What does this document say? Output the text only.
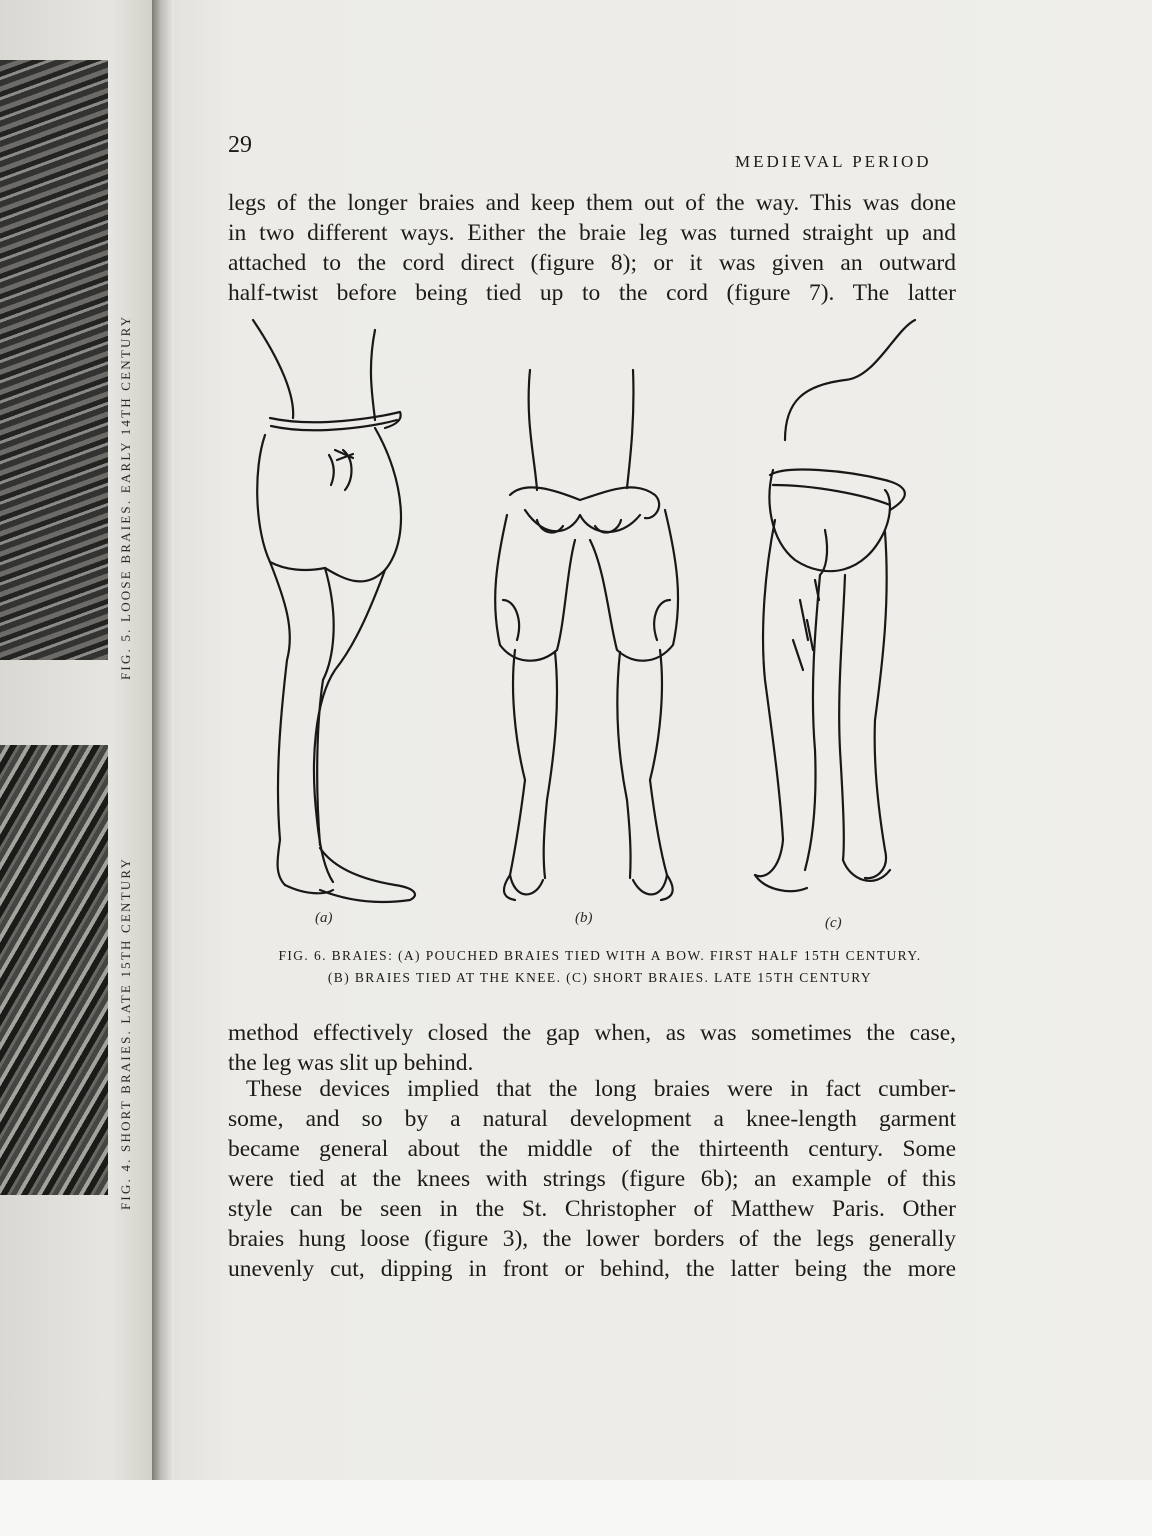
FIG. 5. LOOSE BRAIES. EARLY 14TH CENTURY
FIG. 4. SHORT BRAIES. LATE 15TH CENTURY
29
MEDIEVAL PERIOD

legs of the longer braies and keep them out of the way. This was done
in two different ways. Either the braie leg was turned straight up and
attached to the cord direct (figure 8); or it was given an outward
half-twist before being tied up to the cord (figure 7). The latter

(a)	(b)	(c)
FIG. 6. BRAIES: (A) POUCHED BRAIES TIED WITH A BOW. FIRST HALF 15TH CENTURY.
(B) BRAIES TIED AT THE KNEE. (C) SHORT BRAIES. LATE 15TH CENTURY

method effectively closed the gap when, as was sometimes the case,
the leg was slit up behind.

These devices implied that the long braies were in fact cumber-
some, and so by a natural development a knee-length garment
became general about the middle of the thirteenth century. Some
were tied at the knees with strings (figure 6b); an example of this
style can be seen in the St. Christopher of Matthew Paris. Other
braies hung loose (figure 3), the lower borders of the legs generally
unevenly cut, dipping in front or behind, the latter being the more
